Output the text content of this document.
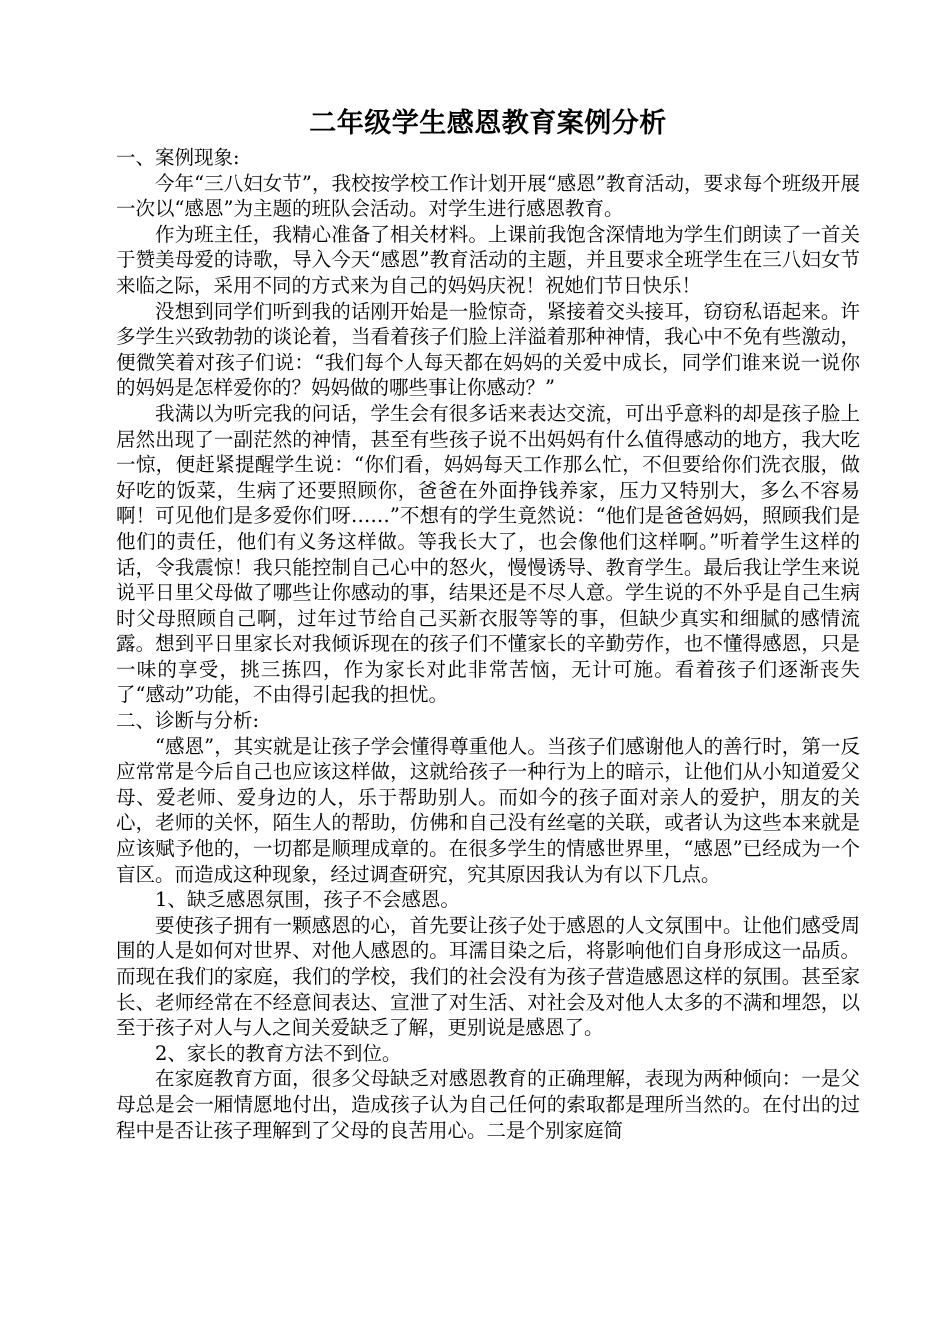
二年级学生感恩教育案例分析

一、案例现象:

今年“三八妇女节”，我校按学校工作计划开展“感恩”教育活动，要求每个班级开展一次以“感恩”为主题的班队会活动。对学生进行感恩教育。

作为班主任，我精心准备了相关材料。上课前我饱含深情地为学生们朗读了一首关于赞美母爱的诗歌，导入今天“感恩”教育活动的主题，并且要求全班学生在三八妇女节来临之际，采用不同的方式来为自己的妈妈庆祝！祝她们节日快乐！

没想到同学们听到我的话刚开始是一脸惊奇，紧接着交头接耳，窃窃私语起来。许多学生兴致勃勃的谈论着，当看着孩子们脸上洋溢着那种神情，我心中不免有些激动，便微笑着对孩子们说：“我们每个人每天都在妈妈的关爱中成长，同学们谁来说一说你的妈妈是怎样爱你的？妈妈做的哪些事让你感动？”

我满以为听完我的问话，学生会有很多话来表达交流，可出乎意料的却是孩子脸上居然出现了一副茫然的神情，甚至有些孩子说不出妈妈有什么值得感动的地方，我大吃一惊，便赶紧提醒学生说：“你们看，妈妈每天工作那么忙，不但要给你们洗衣服，做好吃的饭菜，生病了还要照顾你，爸爸在外面挣钱养家，压力又特别大，多么不容易啊！可见他们是多爱你们呀……”不想有的学生竟然说：“他们是爸爸妈妈，照顾我们是他们的责任，他们有义务这样做。等我长大了，也会像他们这样啊。”听着学生这样的话，令我震惊！我只能控制自己心中的怒火，慢慢诱导、教育学生。最后我让学生来说说平日里父母做了哪些让你感动的事，结果还是不尽人意。学生说的不外乎是自己生病时父母照顾自己啊，过年过节给自己买新衣服等等的事，但缺少真实和细腻的感情流露。想到平日里家长对我倾诉现在的孩子们不懂家长的辛勤劳作，也不懂得感恩，只是一味的享受，挑三拣四，作为家长对此非常苦恼，无计可施。看着孩子们逐渐丧失了“感动”功能，不由得引起我的担忧。

二、诊断与分析:

“感恩”，其实就是让孩子学会懂得尊重他人。当孩子们感谢他人的善行时，第一反应常常是今后自己也应该这样做，这就给孩子一种行为上的暗示，让他们从小知道爱父母、爱老师、爱身边的人，乐于帮助别人。而如今的孩子面对亲人的爱护，朋友的关心，老师的关怀，陌生人的帮助，仿佛和自己没有丝毫的关联，或者认为这些本来就是应该赋予他的，一切都是顺理成章的。在很多学生的情感世界里，“感恩”已经成为一个盲区。而造成这种现象，经过调查研究，究其原因我认为有以下几点。

1、缺乏感恩氛围，孩子不会感恩。

要使孩子拥有一颗感恩的心，首先要让孩子处于感恩的人文氛围中。让他们感受周围的人是如何对世界、对他人感恩的。耳濡目染之后，将影响他们自身形成这一品质。而现在我们的家庭，我们的学校，我们的社会没有为孩子营造感恩这样的氛围。甚至家长、老师经常在不经意间表达、宣泄了对生活、对社会及对他人太多的不满和埋怨，以至于孩子对人与人之间关爱缺乏了解，更别说是感恩了。

2、家长的教育方法不到位。

在家庭教育方面，很多父母缺乏对感恩教育的正确理解，表现为两种倾向：一是父母总是会一厢情愿地付出，造成孩子认为自己任何的索取都是理所当然的。在付出的过程中是否让孩子理解到了父母的良苦用心。二是个别家庭简
